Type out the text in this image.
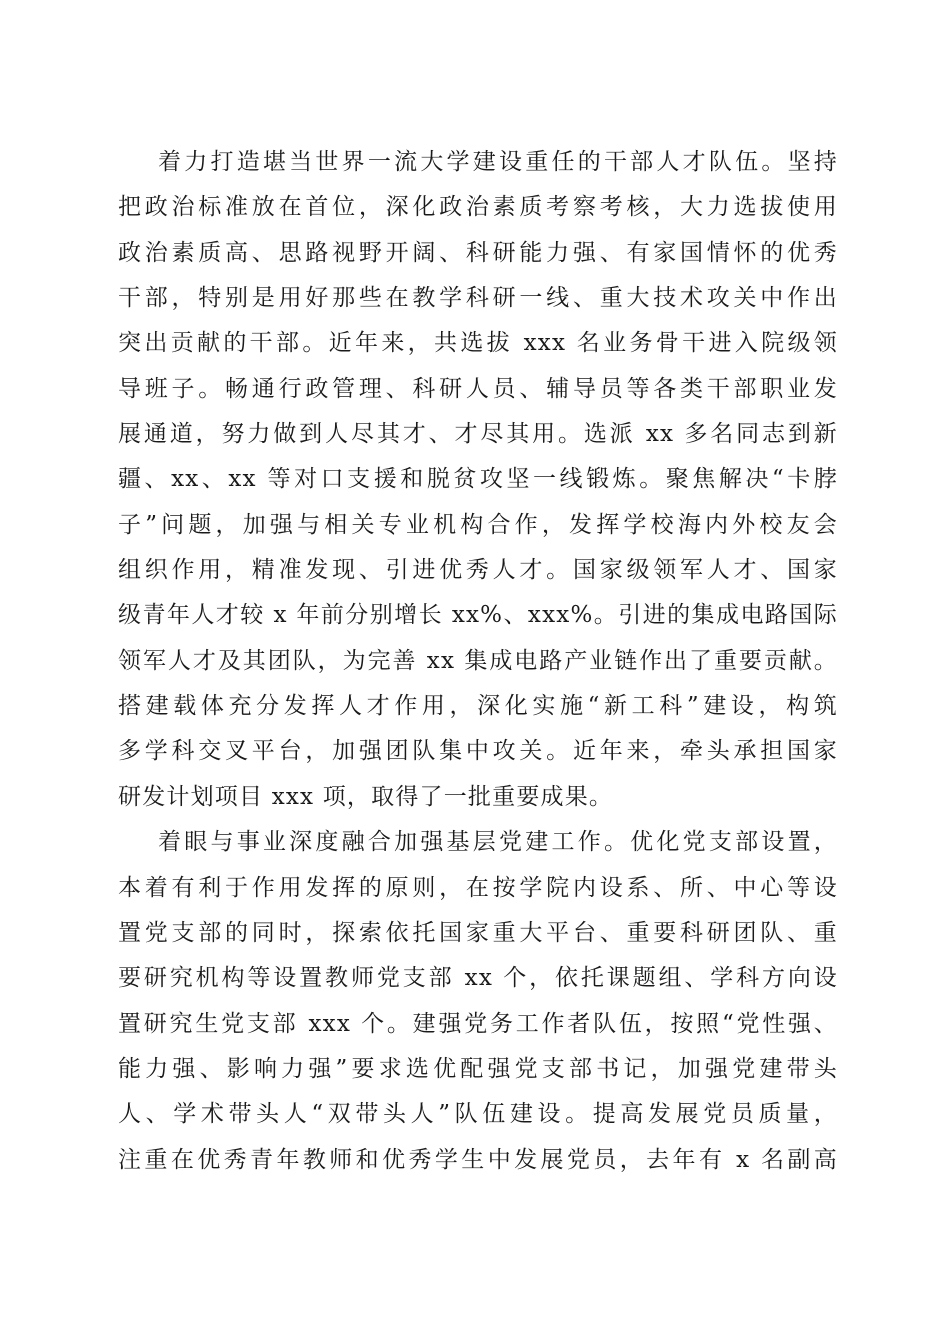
着力打造堪当世界一流大学建设重任的干部人才队伍。坚持
把政治标准放在首位，深化政治素质考察考核，大力选拔使用
政治素质高、思路视野开阔、科研能力强、有家国情怀的优秀
干部，特别是用好那些在教学科研一线、重大技术攻关中作出
突出贡献的干部。近年来，共选拔 xxx 名业务骨干进入院级领
导班子。畅通行政管理、科研人员、辅导员等各类干部职业发
展通道，努力做到人尽其才、才尽其用。选派 xx 多名同志到新
疆、xx、xx 等对口支援和脱贫攻坚一线锻炼。聚焦解决“卡脖
子”问题，加强与相关专业机构合作，发挥学校海内外校友会
组织作用，精准发现、引进优秀人才。国家级领军人才、国家
级青年人才较 x 年前分别增长 xx%、xxx%。引进的集成电路国际
领军人才及其团队，为完善 xx 集成电路产业链作出了重要贡献。
搭建载体充分发挥人才作用，深化实施“新工科”建设，构筑
多学科交叉平台，加强团队集中攻关。近年来，牵头承担国家
研发计划项目 xxx 项，取得了一批重要成果。
着眼与事业深度融合加强基层党建工作。优化党支部设置，
本着有利于作用发挥的原则，在按学院内设系、所、中心等设
置党支部的同时，探索依托国家重大平台、重要科研团队、重
要研究机构等设置教师党支部 xx 个，依托课题组、学科方向设
置研究生党支部 xxx 个。建强党务工作者队伍，按照“党性强、
能力强、影响力强”要求选优配强党支部书记，加强党建带头
人、学术带头人“双带头人”队伍建设。提高发展党员质量，
注重在优秀青年教师和优秀学生中发展党员，去年有 x 名副高
